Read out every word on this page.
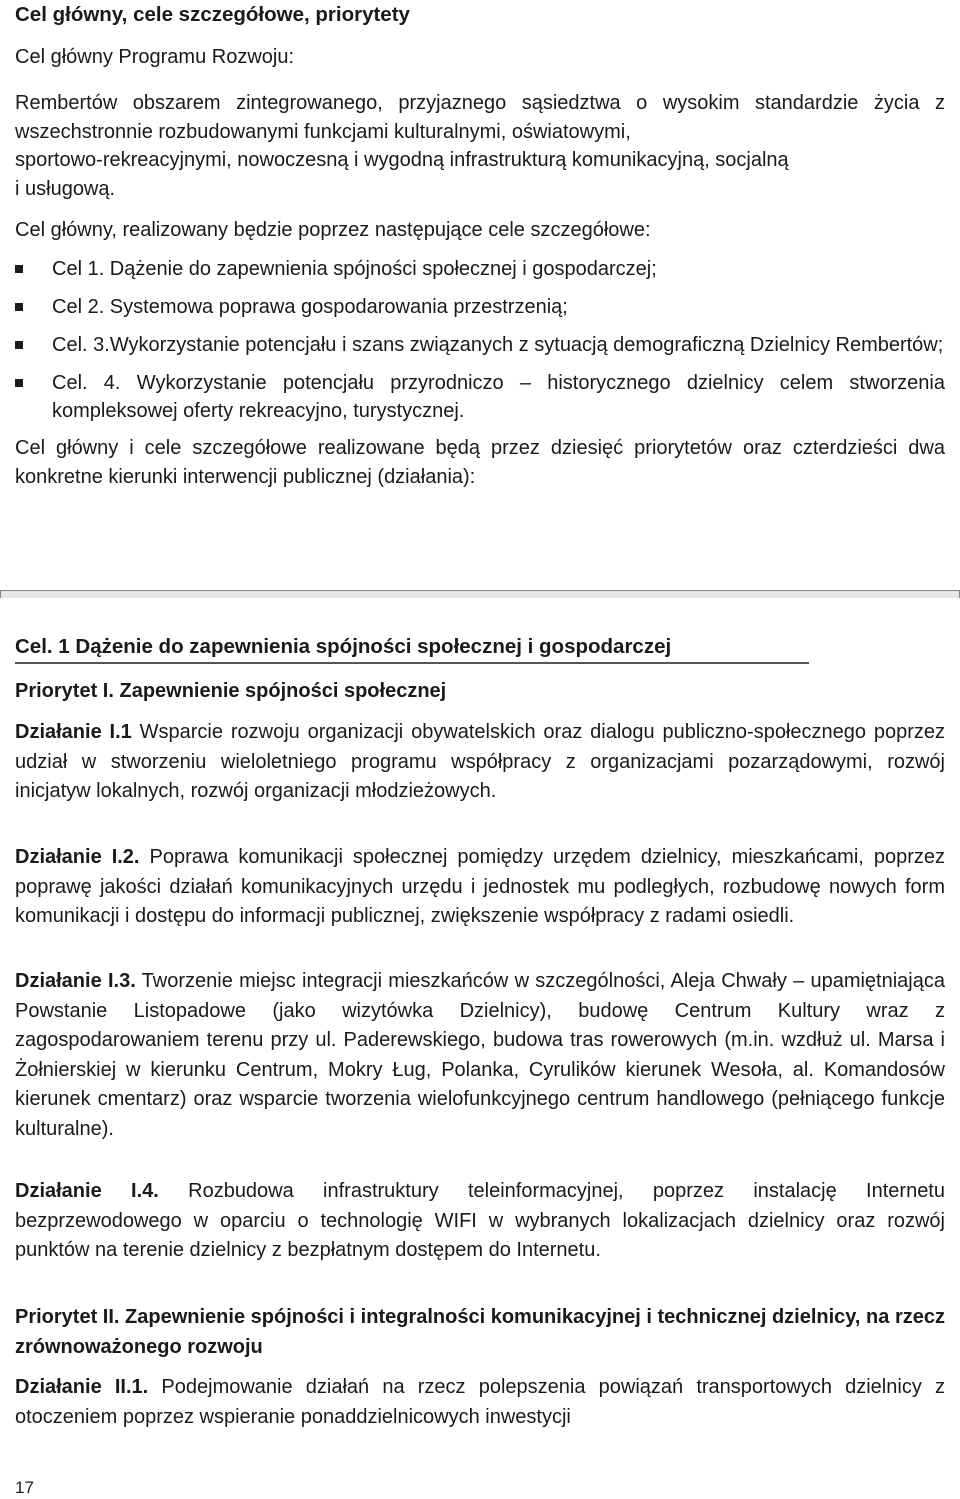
Cel główny, cele szczegółowe, priorytety

Cel główny Programu Rozwoju:

Rembertów obszarem zintegrowanego, przyjaznego sąsiedztwa o wysokim standardzie życia z wszechstronnie rozbudowanymi funkcjami kulturalnymi, oświatowymi,
sportowo-rekreacyjnymi, nowoczesną i wygodną infrastrukturą komunikacyjną, socjalną
i usługową.

Cel główny, realizowany będzie poprzez następujące cele szczegółowe:

Cel 1. Dążenie do zapewnienia spójności społecznej i gospodarczej;
Cel 2. Systemowa poprawa gospodarowania przestrzenią;
Cel. 3.Wykorzystanie potencjału i szans związanych z sytuacją demograficzną Dzielnicy Rembertów;
Cel. 4. Wykorzystanie potencjału przyrodniczo – historycznego dzielnicy celem stworzenia kompleksowej oferty rekreacyjno, turystycznej.

Cel główny i cele szczegółowe realizowane będą przez dziesięć priorytetów oraz czterdzieści dwa konkretne kierunki interwencji publicznej (działania):

Cel. 1 Dążenie do zapewnienia spójności społecznej i gospodarczej
Priorytet I. Zapewnienie spójności społecznej
Działanie I.1 Wsparcie rozwoju organizacji obywatelskich oraz dialogu publiczno-społecznego poprzez udział w stworzeniu wieloletniego programu współpracy z organizacjami pozarządowymi, rozwój inicjatyw lokalnych, rozwój organizacji młodzieżowych.
Działanie I.2. Poprawa komunikacji społecznej pomiędzy urzędem dzielnicy, mieszkańcami, poprzez poprawę jakości działań komunikacyjnych urzędu i jednostek mu podległych, rozbudowę nowych form komunikacji i dostępu do informacji publicznej, zwiększenie współpracy z radami osiedli.
Działanie I.3. Tworzenie miejsc integracji mieszkańców w szczególności, Aleja Chwały – upamiętniająca Powstanie Listopadowe (jako wizytówka Dzielnicy), budowę Centrum Kultury wraz z zagospodarowaniem terenu przy ul. Paderewskiego, budowa tras rowerowych (m.in. wzdłuż ul. Marsa i Żołnierskiej w kierunku Centrum, Mokry Ług, Polanka, Cyrulików kierunek Wesoła, al. Komandosów kierunek cmentarz) oraz wsparcie tworzenia wielofunkcyjnego centrum handlowego (pełniącego funkcje kulturalne).
Działanie I.4. Rozbudowa infrastruktury teleinformacyjnej, poprzez instalację Internetu bezprzewodowego w oparciu o technologię WIFI w wybranych lokalizacjach dzielnicy oraz rozwój punktów na terenie dzielnicy z bezpłatnym dostępem do Internetu.
Priorytet II. Zapewnienie spójności i integralności komunikacyjnej i technicznej dzielnicy, na rzecz zrównoważonego rozwoju
Działanie II.1. Podejmowanie działań na rzecz polepszenia powiązań transportowych dzielnicy z otoczeniem poprzez wspieranie ponaddzielnicowych inwestycji
17
